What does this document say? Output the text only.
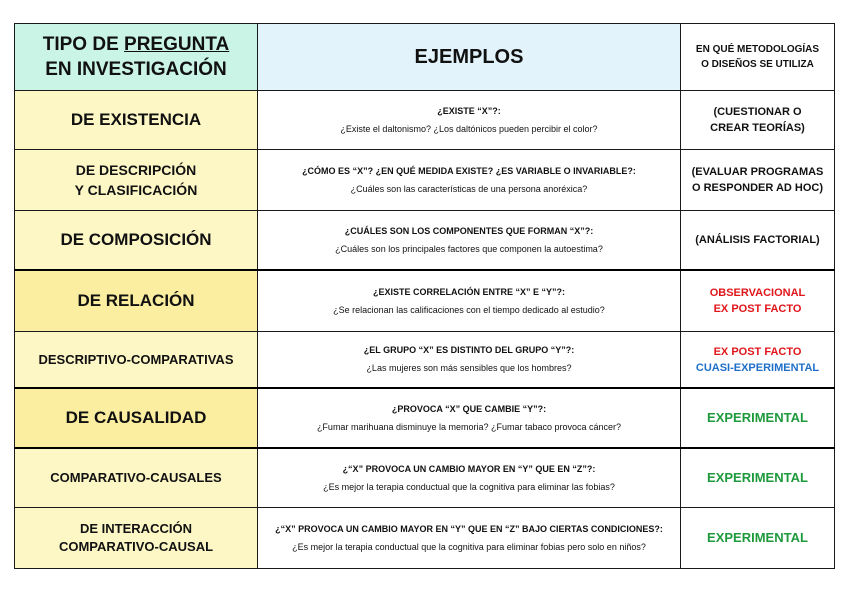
TIPO DE PREGUNTA
EN INVESTIGACIÓN	EJEMPLOS	EN QUÉ METODOLOGÍAS
O DISEÑOS SE UTILIZA
DE EXISTENCIA	¿EXISTE “X”?:
¿Existe el daltonismo? ¿Los daltónicos pueden percibir el color?	(CUESTIONAR O
CREAR TEORÍAS)
DE DESCRIPCIÓN
Y CLASIFICACIÓN	¿CÓMO ES “X”? ¿EN QUÉ MEDIDA EXISTE? ¿ES VARIABLE O INVARIABLE?:
¿Cuáles son las características de una persona anoréxica?	(EVALUAR PROGRAMAS
O RESPONDER AD HOC)
DE COMPOSICIÓN	¿CUÁLES SON LOS COMPONENTES QUE FORMAN “X”?:
¿Cuáles son los principales factores que componen la autoestima?	(ANÁLISIS FACTORIAL)
DE RELACIÓN	¿EXISTE CORRELACIÓN ENTRE “X” E “Y”?:
¿Se relacionan las calificaciones con el tiempo dedicado al estudio?	OBSERVACIONAL
EX POST FACTO

DESCRIPTIVO-COMPARATIVAS	¿EL GRUPO “X” ES DISTINTO DEL GRUPO “Y”?:
¿Las mujeres son más sensibles que los hombres?	EX POST FACTO
CUASI-EXPERIMENTAL

DE CAUSALIDAD	¿PROVOCA “X” QUE CAMBIE “Y”?:
¿Fumar marihuana disminuye la memoria? ¿Fumar tabaco provoca cáncer?	EXPERIMENTAL
COMPARATIVO-CAUSALES	¿“X” PROVOCA UN CAMBIO MAYOR EN “Y” QUE EN “Z”?:
¿Es mejor la terapia conductual que la cognitiva para eliminar las fobias?	EXPERIMENTAL
DE INTERACCIÓN
COMPARATIVO-CAUSAL	¿“X” PROVOCA UN CAMBIO MAYOR EN “Y” QUE EN “Z” BAJO CIERTAS CONDICIONES?:
¿Es mejor la terapia conductual que la cognitiva para eliminar fobias pero solo en niños?	EXPERIMENTAL
